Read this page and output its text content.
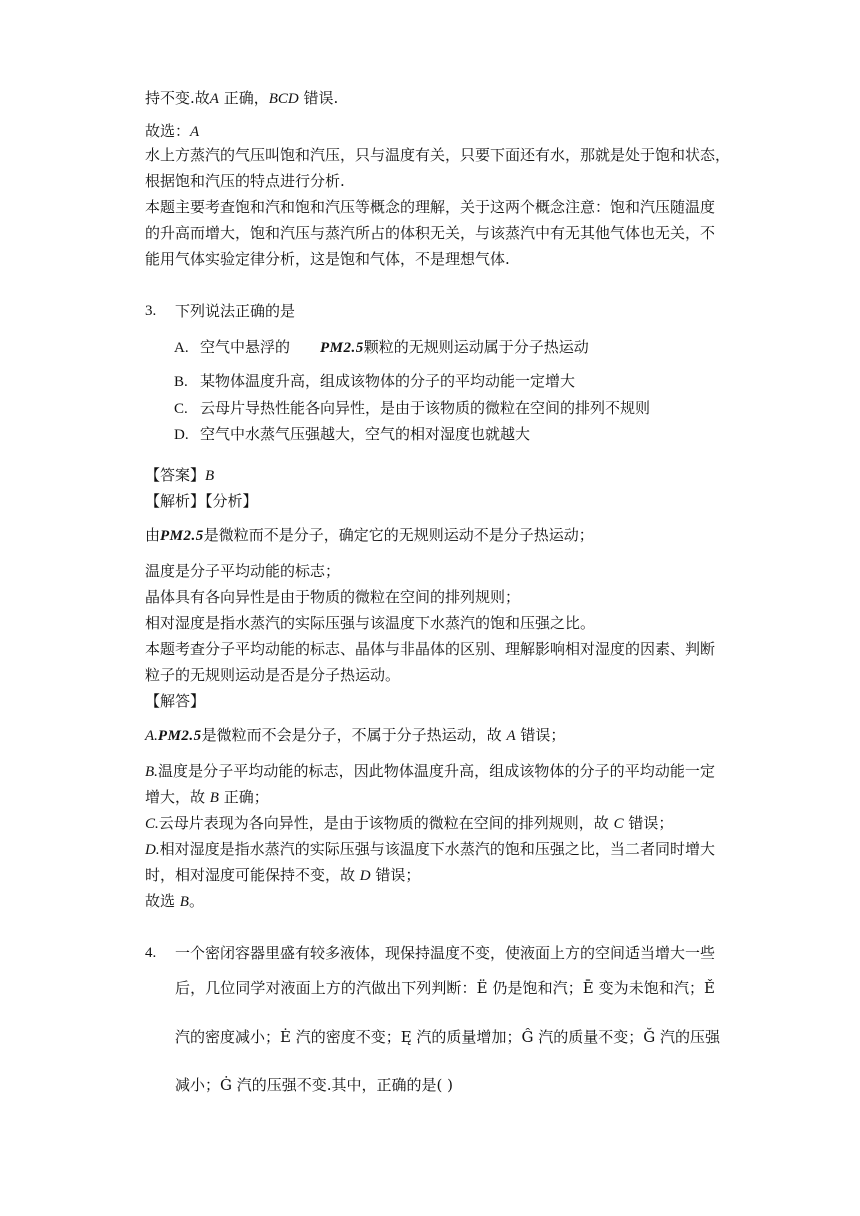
持不变.故A 正确，BCD 错误.
故选：A
水上方蒸汽的气压叫饱和汽压，只与温度有关，只要下面还有水，那就是处于饱和状态，
根据饱和汽压的特点进行分析.
本题主要考查饱和汽和饱和汽压等概念的理解，关于这两个概念注意：饱和汽压随温度
的升高而增大，饱和汽压与蒸汽所占的体积无关，与该蒸汽中有无其他气体也无关，不
能用气体实验定律分析，这是饱和气体，不是理想气体.
3. 下列说法正确的是
A. 空气中悬浮的 PM2.5颗粒的无规则运动属于分子热运动
B. 某物体温度升高，组成该物体的分子的平均动能一定增大
C. 云母片导热性能各向异性，是由于该物质的微粒在空间的排列不规则
D. 空气中水蒸气压强越大，空气的相对湿度也就越大
【答案】B
【解析】【分析】
由PM2.5是微粒而不是分子，确定它的无规则运动不是分子热运动；
温度是分子平均动能的标志；
晶体具有各向异性是由于物质的微粒在空间的排列规则；
相对湿度是指水蒸汽的实际压强与该温度下水蒸汽的饱和压强之比。
本题考查分子平均动能的标志、晶体与非晶体的区别、理解影响相对湿度的因素、判断
粒子的无规则运动是否是分子热运动。
【解答】
A.PM2.5是微粒而不会是分子，不属于分子热运动，故 A 错误；
B.温度是分子平均动能的标志，因此物体温度升高，组成该物体的分子的平均动能一定
增大，故 B 正确；
C.云母片表现为各向异性，是由于该物质的微粒在空间的排列规则，故 C 错误；
D.相对湿度是指水蒸汽的实际压强与该温度下水蒸汽的饱和压强之比，当二者同时增大
时，相对湿度可能保持不变，故 D 错误；
故选 B。
4. 一个密闭容器里盛有较多液体，现保持温度不变，使液面上方的空间适当增大一些
后，几位同学对液面上方的汽做出下列判断：Ë 仍是饱和汽；Ē 变为未饱和汽；Ě
汽的密度减小；Ė 汽的密度不变；Ę 汽的质量增加；Ĝ 汽的质量不变；Ğ 汽的压强
减小；Ġ 汽的压强不变.其中，正确的是( )
